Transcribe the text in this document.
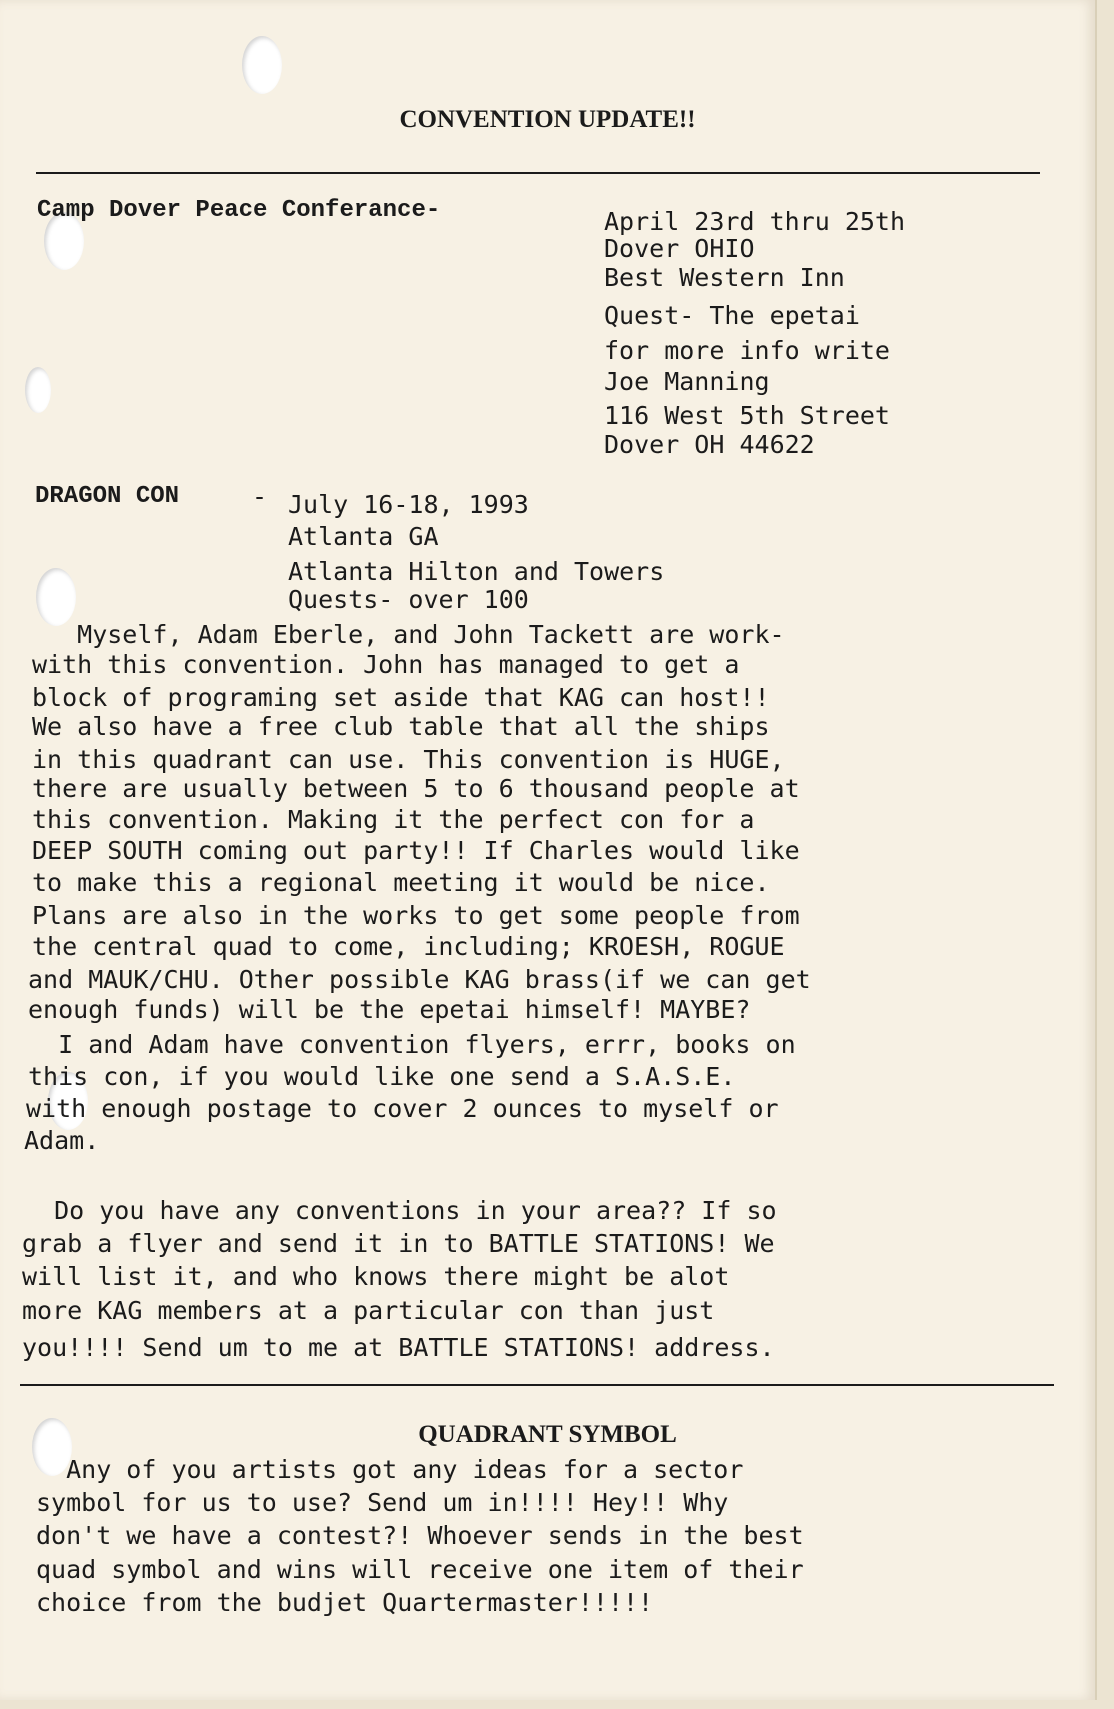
CONVENTION UPDATE!!
Camp Dover Peace Conferance-	April 23rd thru 25th
Dover OHIO
Best Western Inn
Quest- The epetai
for more info write
Joe Manning
116 West 5th Street
Dover OH 44622
DRAGON CON	- July 16-18, 1993
Atlanta GA
Atlanta Hilton and Towers
Quests- over 100
Myself, Adam Eberle, and John Tackett are work-
with this convention. John has managed to get a
block of programing set aside that KAG can host!!
We also have a free club table that all the ships
in this quadrant can use. This convention is HUGE,
there are usually between 5 to 6 thousand people at
this convention. Making it the perfect con for a
DEEP SOUTH coming out party!! If Charles would like
to make this a regional meeting it would be nice.
Plans are also in the works to get some people from
the central quad to come, including; KROESH, ROGUE
and MAUK/CHU. Other possible KAG brass(if we can get
enough funds) will be the epetai himself! MAYBE?
I and Adam have convention flyers, errr, books on
this con, if you would like one send a S.A.S.E.
with enough postage to cover 2 ounces to myself or
Adam.
Do you have any conventions in your area?? If so
grab a flyer and send it in to BATTLE STATIONS! We
will list it, and who knows there might be alot
more KAG members at a particular con than just
you!!!! Send um to me at BATTLE STATIONS! address.
QUADRANT SYMBOL
Any of you artists got any ideas for a sector
symbol for us to use? Send um in!!!! Hey!! Why
don't we have a contest?! Whoever sends in the best
quad symbol and wins will receive one item of their
choice from the budjet Quartermaster!!!!!
